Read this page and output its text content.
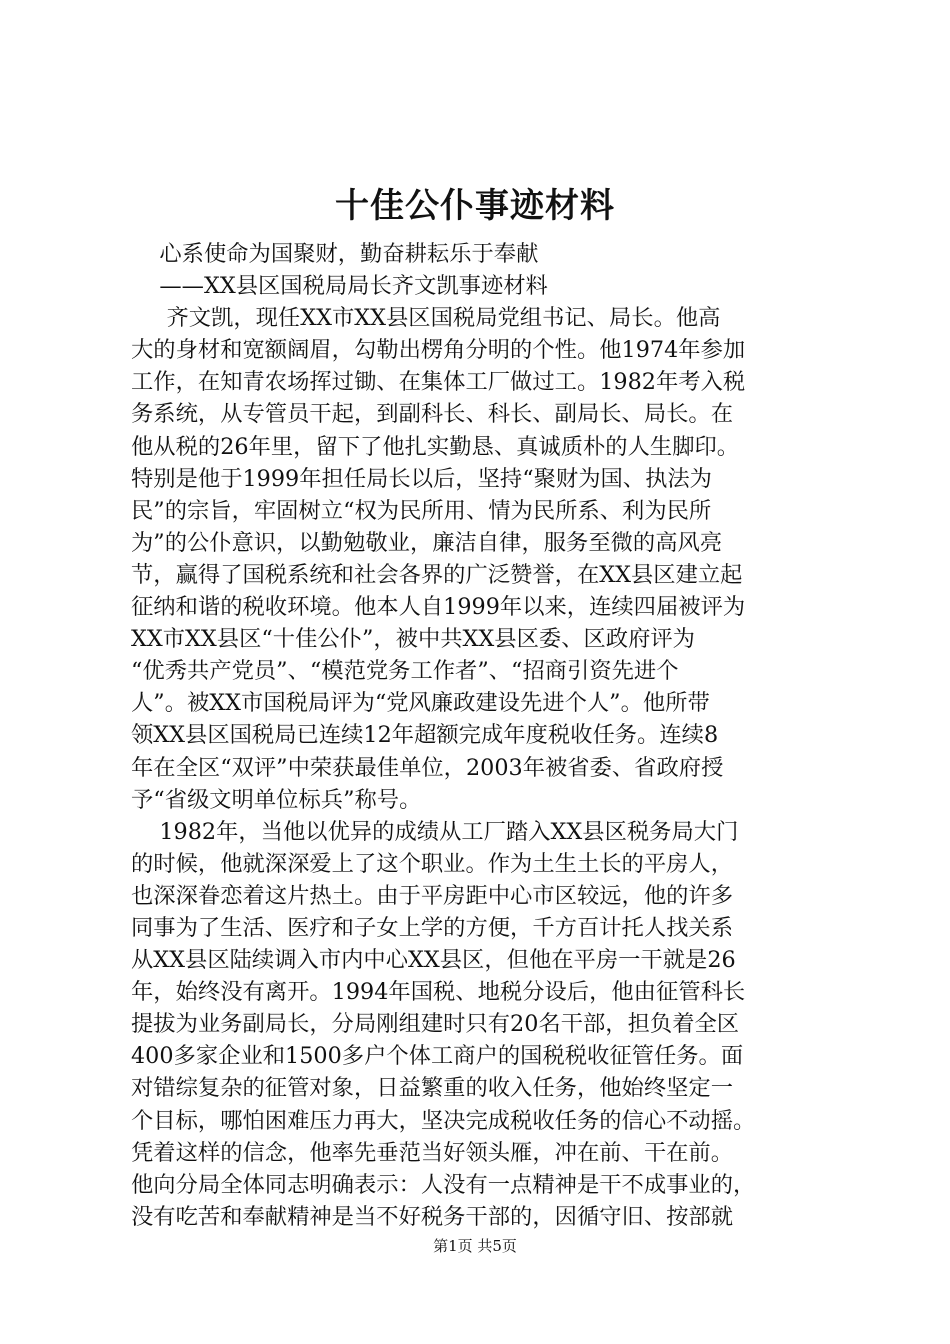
十佳公仆事迹材料
心系使命为国聚财，勤奋耕耘乐于奉献
——XX县区国税局局长齐文凯事迹材料
齐文凯，现任XX市XX县区国税局党组书记、局长。他高
大的身材和宽额阔眉，勾勒出楞角分明的个性。他1974年参加
工作，在知青农场挥过锄、在集体工厂做过工。1982年考入税
务系统，从专管员干起，到副科长、科长、副局长、局长。在
他从税的26年里，留下了他扎实勤恳、真诚质朴的人生脚印。
特别是他于1999年担任局长以后，坚持“聚财为国、执法为
民”的宗旨，牢固树立“权为民所用、情为民所系、利为民所
为”的公仆意识，以勤勉敬业，廉洁自律，服务至微的高风亮
节，赢得了国税系统和社会各界的广泛赞誉，在XX县区建立起
征纳和谐的税收环境。他本人自1999年以来，连续四届被评为
XX市XX县区“十佳公仆”，被中共XX县区委、区政府评为
“优秀共产党员”、“模范党务工作者”、“招商引资先进个
人”。被XX市国税局评为“党风廉政建设先进个人”。他所带
领XX县区国税局已连续12年超额完成年度税收任务。连续8
年在全区“双评”中荣获最佳单位，2003年被省委、省政府授
予“省级文明单位标兵”称号。
1982年，当他以优异的成绩从工厂踏入XX县区税务局大门
的时候，他就深深爱上了这个职业。作为土生土长的平房人，
也深深眷恋着这片热土。由于平房距中心市区较远，他的许多
同事为了生活、医疗和子女上学的方便，千方百计托人找关系
从XX县区陆续调入市内中心XX县区，但他在平房一干就是26
年，始终没有离开。1994年国税、地税分设后，他由征管科长
提拔为业务副局长，分局刚组建时只有20名干部，担负着全区
400多家企业和1500多户个体工商户的国税税收征管任务。面
对错综复杂的征管对象，日益繁重的收入任务，他始终坚定一
个目标，哪怕困难压力再大，坚决完成税收任务的信心不动摇。
凭着这样的信念，他率先垂范当好领头雁，冲在前、干在前。
他向分局全体同志明确表示：人没有一点精神是干不成事业的，
没有吃苦和奉献精神是当不好税务干部的，因循守旧、按部就
第1页 共5页
